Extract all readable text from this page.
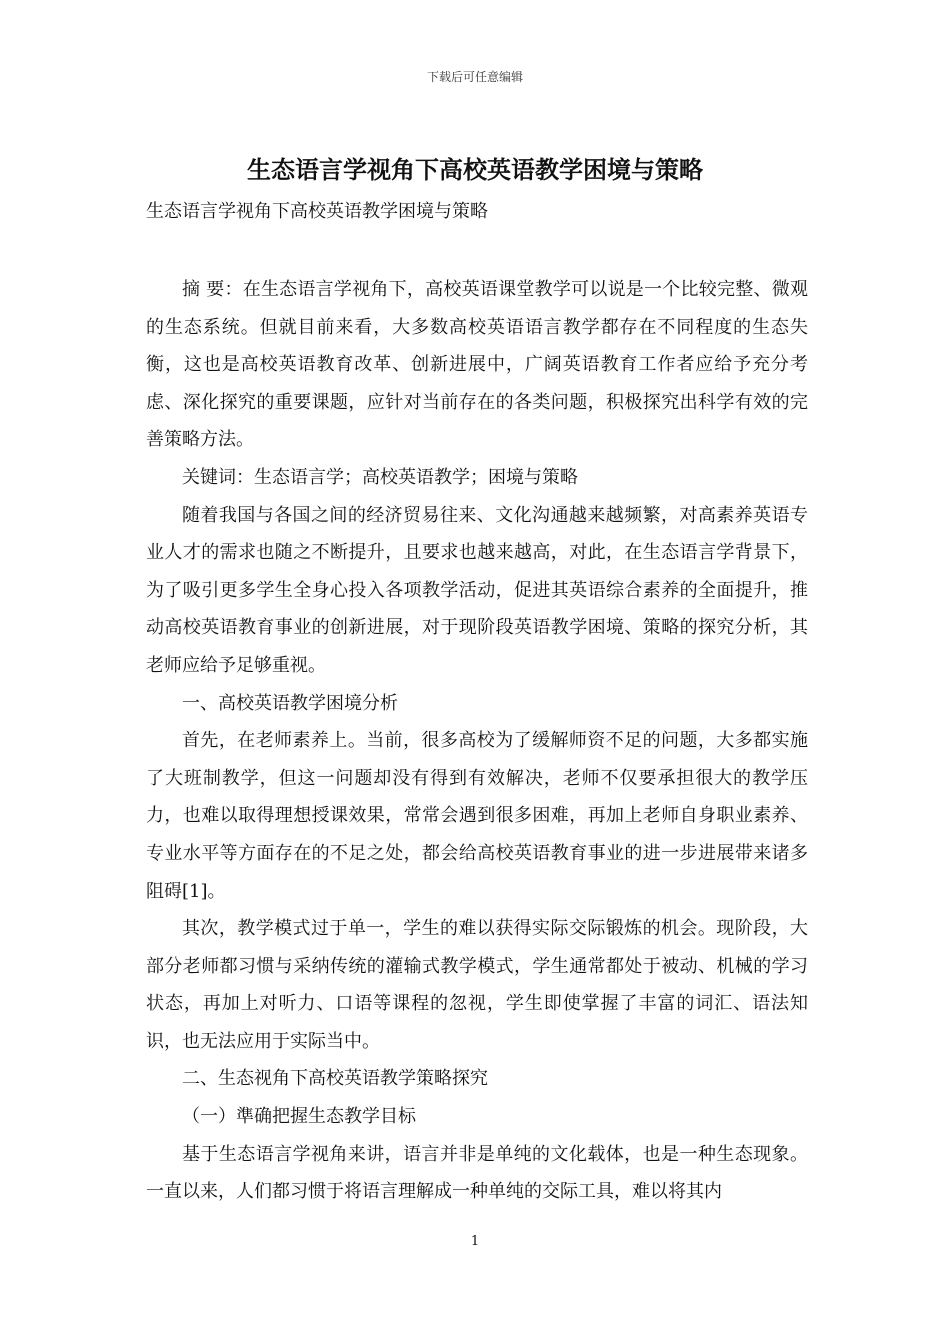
下载后可任意编辑
生态语言学视角下高校英语教学困境与策略
生态语言学视角下高校英语教学困境与策略

摘 要：在生态语言学视角下，高校英语课堂教学可以说是一个比较完整、微观的生态系统。但就目前来看，大多数高校英语语言教学都存在不同程度的生态失衡，这也是高校英语教育改革、创新进展中，广阔英语教育工作者应给予充分考虑、深化探究的重要课题，应针对当前存在的各类问题，积极探究出科学有效的完善策略方法。

关键词：生态语言学；高校英语教学；困境与策略

随着我国与各国之间的经济贸易往来、文化沟通越来越频繁，对高素养英语专业人才的需求也随之不断提升，且要求也越来越高，对此，在生态语言学背景下，为了吸引更多学生全身心投入各项教学活动，促进其英语综合素养的全面提升，推动高校英语教育事业的创新进展，对于现阶段英语教学困境、策略的探究分析，其老师应给予足够重视。

一、高校英语教学困境分析

首先，在老师素养上。当前，很多高校为了缓解师资不足的问题，大多都实施了大班制教学，但这一问题却没有得到有效解决，老师不仅要承担很大的教学压力，也难以取得理想授课效果，常常会遇到很多困难，再加上老师自身职业素养、专业水平等方面存在的不足之处，都会给高校英语教育事业的进一步进展带来诸多阻碍[1]。

其次，教学模式过于单一，学生的难以获得实际交际锻炼的机会。现阶段，大部分老师都习惯与采纳传统的灌输式教学模式，学生通常都处于被动、机械的学习状态，再加上对听力、口语等课程的忽视，学生即使掌握了丰富的词汇、语法知识，也无法应用于实际当中。

二、生态视角下高校英语教学策略探究

（一）準确把握生态教学目标

基于生态语言学视角来讲，语言并非是单纯的文化载体，也是一种生态现象。一直以来，人们都习惯于将语言理解成一种单纯的交际工具，难以将其内

1
